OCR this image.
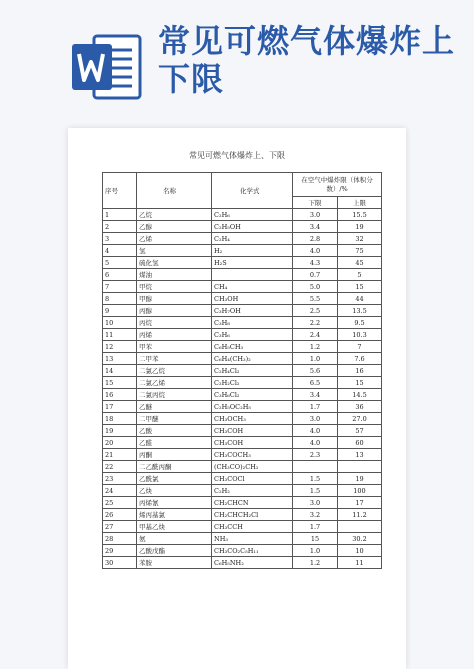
常见可燃气体爆炸上下限
常见可燃气体爆炸上、下限
序号	名称	化学式	在空气中爆炸限（体积分数）/%	
			下限	上限
1	乙烷	C₂H₆	3.0	15.5
2	乙醇	C₂H₅OH	3.4	19
3	乙烯	C₂H₄	2.8	32
4	氢	H₂	4.0	75
5	硫化氢	H₂S	4.3	45
6	煤油		0.7	5
7	甲烷	CH₄	5.0	15
8	甲醇	CH₃OH	5.5	44
9	丙醇	C₃H₇OH	2.5	13.5
10	丙烷	C₃H₈	2.2	9.5
11	丙烯	C₃H₆	2.4	10.3
12	甲苯	C₆H₅CH₃	1.2	7
13	二甲苯	C₆H₄(CH₃)₂	1.0	7.6
14	二氯乙烷	C₂H₄Cl₂	5.6	16
15	二氯乙烯	C₂H₂Cl₂	6.5	15
16	二氯丙烷	C₃H₆Cl₂	3.4	14.5
17	乙醚	C₂H₅OC₂H₅	1.7	36
18	二甲醚	CH₃OCH₃	3.0	27.0
19	乙酸	CH₃COH	4.0	57
20	乙醛	CH₃COH	4.0	60
21	丙酮	CH₃COCH₃	2.3	13
22	二乙酰丙酮	(CH₃CO)₂CH₂		
23	乙酰氯	CH₃COCl	1.5	19
24	乙炔	C₂H₂	1.5	100
25	丙烯氰	CH₂CHCN	3.0	17
26	烯丙基氯	CH₂CHCH₂Cl	3.2	11.2
27	甲基乙炔	CH₃CCH	1.7	
28	氨	NH₃	15	30.2
29	乙酸戊酯	CH₃CO₂C₅H₁₁	1.0	10
30	苯胺	C₆H₅NH₂	1.2	11
